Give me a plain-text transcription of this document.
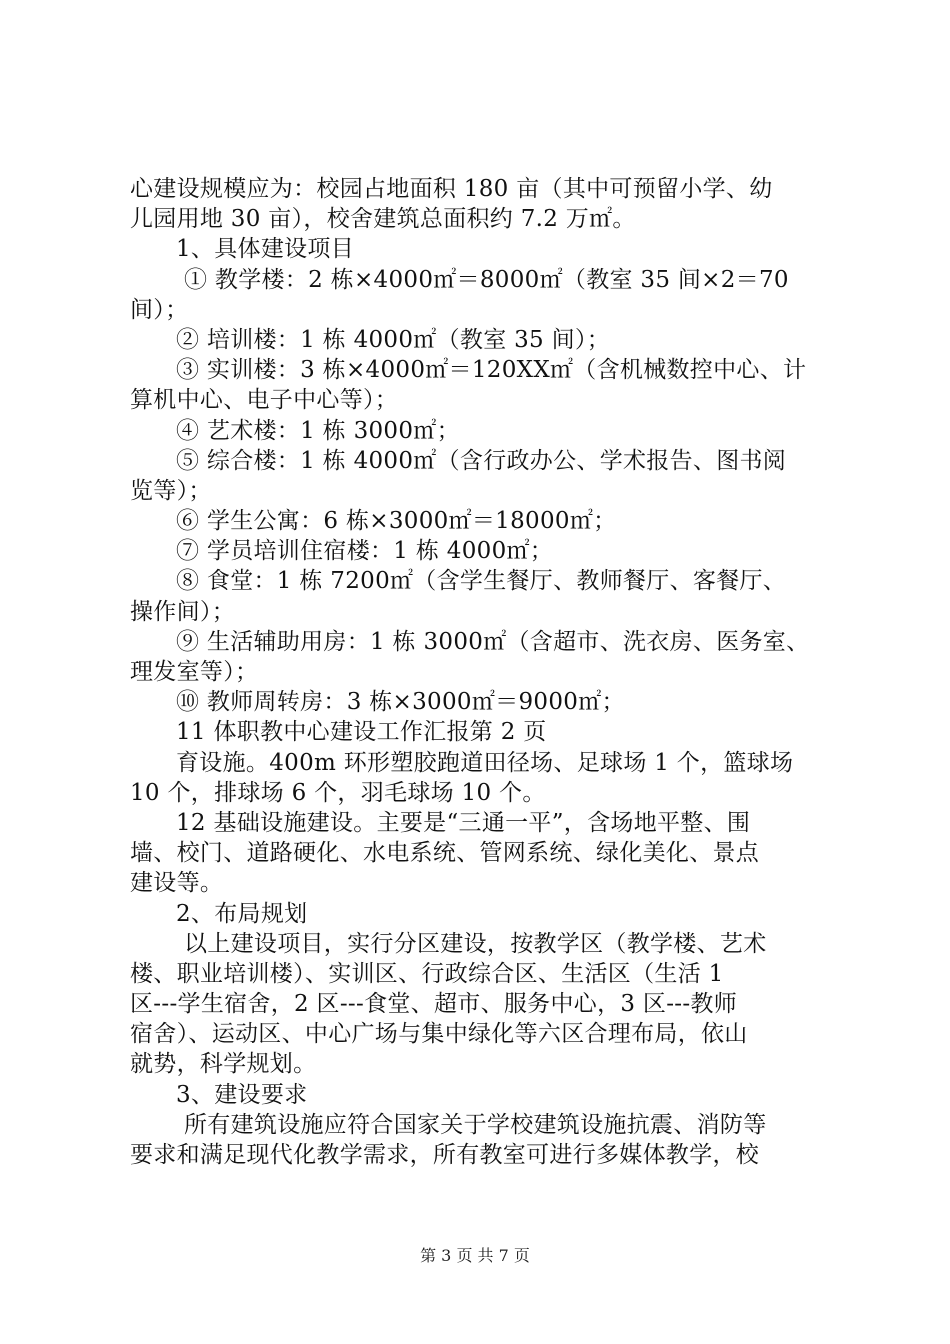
心建设规模应为：校园占地面积 180 亩（其中可预留小学、幼
儿园用地 30 亩），校舍建筑总面积约 7.2 万㎡。
1、具体建设项目
① 教学楼：2 栋×4000㎡＝8000㎡（教室 35 间×2＝70
间）；
② 培训楼：1 栋 4000㎡（教室 35 间）；
③ 实训楼：3 栋×4000㎡＝120XX㎡（含机械数控中心、计
算机中心、电子中心等）；
④ 艺术楼：1 栋 3000㎡；
⑤ 综合楼：1 栋 4000㎡（含行政办公、学术报告、图书阅
览等）；
⑥ 学生公寓：6 栋×3000㎡＝18000㎡；
⑦ 学员培训住宿楼：1 栋 4000㎡；
⑧ 食堂：1 栋 7200㎡（含学生餐厅、教师餐厅、客餐厅、
操作间）；
⑨ 生活辅助用房：1 栋 3000㎡（含超市、洗衣房、医务室、
理发室等）；
⑩ 教师周转房：3 栋×3000㎡＝9000㎡；
11 体职教中心建设工作汇报第 2 页
育设施。400m 环形塑胶跑道田径场、足球场 1 个，篮球场
10 个，排球场 6 个，羽毛球场 10 个。
12 基础设施建设。主要是“三通一平”，含场地平整、围
墙、校门、道路硬化、水电系统、管网系统、绿化美化、景点
建设等。
2、布局规划
以上建设项目，实行分区建设，按教学区（教学楼、艺术
楼、职业培训楼）、实训区、行政综合区、生活区（生活 1
区---学生宿舍，2 区---食堂、超市、服务中心，3 区---教师
宿舍）、运动区、中心广场与集中绿化等六区合理布局，依山
就势，科学规划。
3、建设要求
所有建筑设施应符合国家关于学校建筑设施抗震、消防等
要求和满足现代化教学需求，所有教室可进行多媒体教学，校
第 3 页 共 7 页
